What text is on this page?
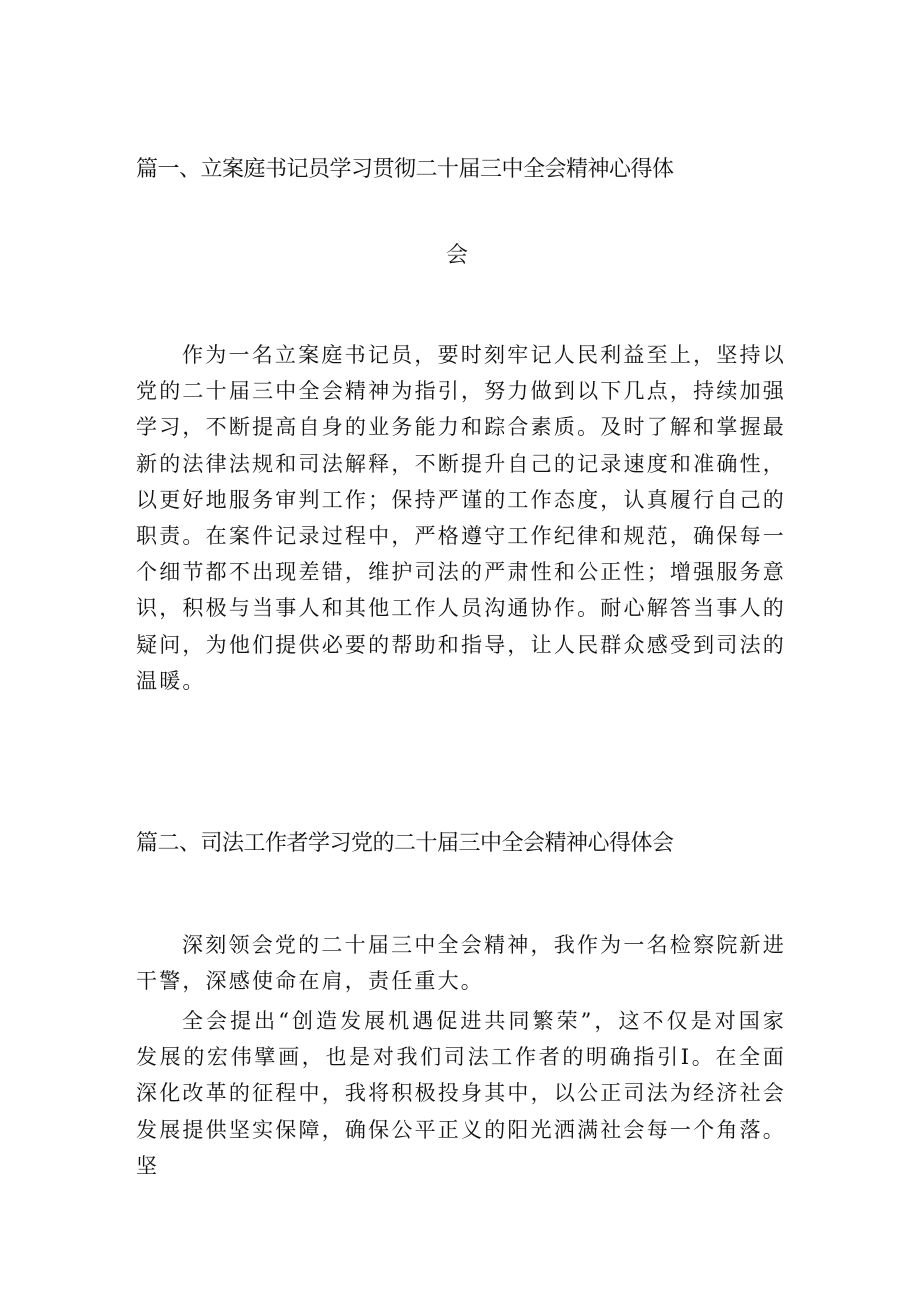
篇一、立案庭书记员学习贯彻二十届三中全会精神心得体
会

作为一名立案庭书记员，要时刻牢记人民利益至上，坚持以党的二十届三中全会精神为指引，努力做到以下几点，持续加强学习，不断提高自身的业务能力和踪合素质。及时了解和掌握最新的法律法规和司法解释，不断提升自己的记录速度和准确性，以更好地服务审判工作；保持严谨的工作态度，认真履行自己的职责。在案件记录过程中，严格遵守工作纪律和规范，确保每一个细节都不出现差错，维护司法的严肃性和公正性；增强服务意识，积极与当事人和其他工作人员沟通协作。耐心解答当事人的疑问，为他们提供必要的帮助和指导，让人民群众感受到司法的温暖。

篇二、司法工作者学习党的二十届三中全会精神心得体会

深刻领会党的二十届三中全会精神，我作为一名检察院新进干警，深感使命在肩，责任重大。

全会提出“创造发展机遇促进共同繁荣”，这不仅是对国家发展的宏伟擘画，也是对我们司法工作者的明确指引I。在全面深化改革的征程中，我将积极投身其中，以公正司法为经济社会发展提供坚实保障，确保公平正义的阳光洒满社会每一个角落。坚
